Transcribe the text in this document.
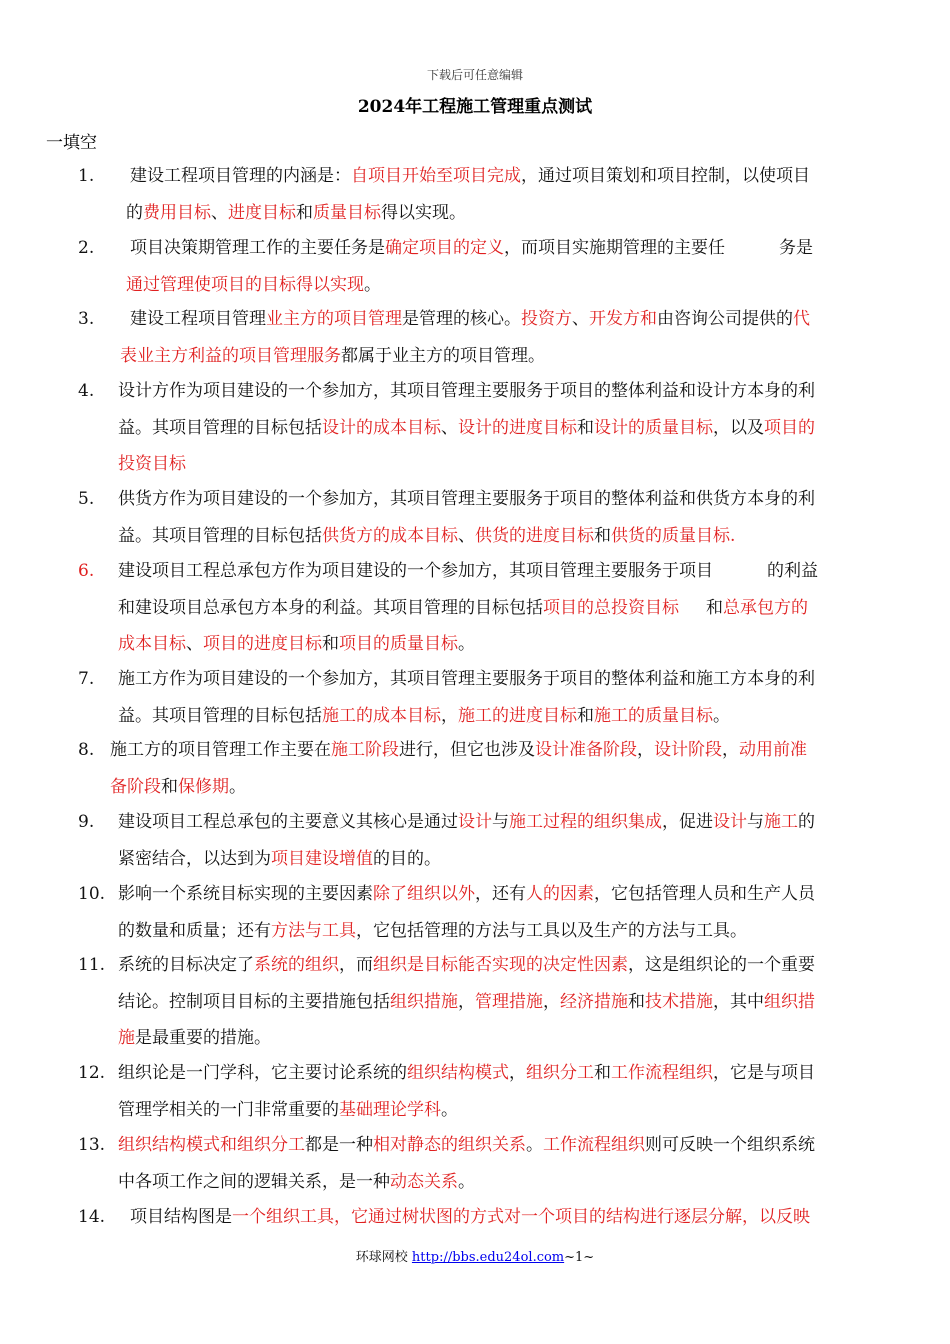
下载后可任意编辑
2024年工程施工管理重点测试
一填空
1. 建设工程项目管理的内涵是：自项目开始至项目完成，通过项目策划和项目控制，以使项目
的费用目标、进度目标和质量目标得以实现。
2. 项目决策期管理工作的主要任务是确定项目的定义，而项目实施期管理的主要任          务是
通过管理使项目的目标得以实现。
3. 建设工程项目管理业主方的项目管理是管理的核心。投资方、开发方和由咨询公司提供的代
表业主方利益的项目管理服务都属于业主方的项目管理。
4. 设计方作为项目建设的一个参加方，其项目管理主要服务于项目的整体利益和设计方本身的利
益。其项目管理的目标包括设计的成本目标、设计的进度目标和设计的质量目标，以及项目的
投资目标
5. 供货方作为项目建设的一个参加方，其项目管理主要服务于项目的整体利益和供货方本身的利
益。其项目管理的目标包括供货方的成本目标、供货的进度目标和供货的质量目标.
6. 建设项目工程总承包方作为项目建设的一个参加方，其项目管理主要服务于项目          的利益
和建设项目总承包方本身的利益。其项目管理的目标包括项目的总投资目标     和总承包方的
成本目标、项目的进度目标和项目的质量目标。
7. 施工方作为项目建设的一个参加方，其项目管理主要服务于项目的整体利益和施工方本身的利
益。其项目管理的目标包括施工的成本目标，施工的进度目标和施工的质量目标。
8. 施工方的项目管理工作主要在施工阶段进行，但它也涉及设计准备阶段，设计阶段，动用前准
备阶段和保修期。
9. 建设项目工程总承包的主要意义其核心是通过设计与施工过程的组织集成，促进设计与施工的
紧密结合，以达到为项目建设增值的目的。
10. 影响一个系统目标实现的主要因素除了组织以外，还有人的因素，它包括管理人员和生产人员
的数量和质量；还有方法与工具，它包括管理的方法与工具以及生产的方法与工具。
11. 系统的目标决定了系统的组织，而组织是目标能否实现的决定性因素，这是组织论的一个重要
结论。控制项目目标的主要措施包括组织措施，管理措施，经济措施和技术措施，其中组织措
施是最重要的措施。
12. 组织论是一门学科，它主要讨论系统的组织结构模式，组织分工和工作流程组织，它是与项目
管理学相关的一门非常重要的基础理论学科。
13. 组织结构模式和组织分工都是一种相对静态的组织关系。工作流程组织则可反映一个组织系统
中各项工作之间的逻辑关系，是一种动态关系。
14. 项目结构图是一个组织工具，它通过树状图的方式对一个项目的结构进行逐层分解，以反映
环球网校 http://bbs.edu24ol.com~1~
